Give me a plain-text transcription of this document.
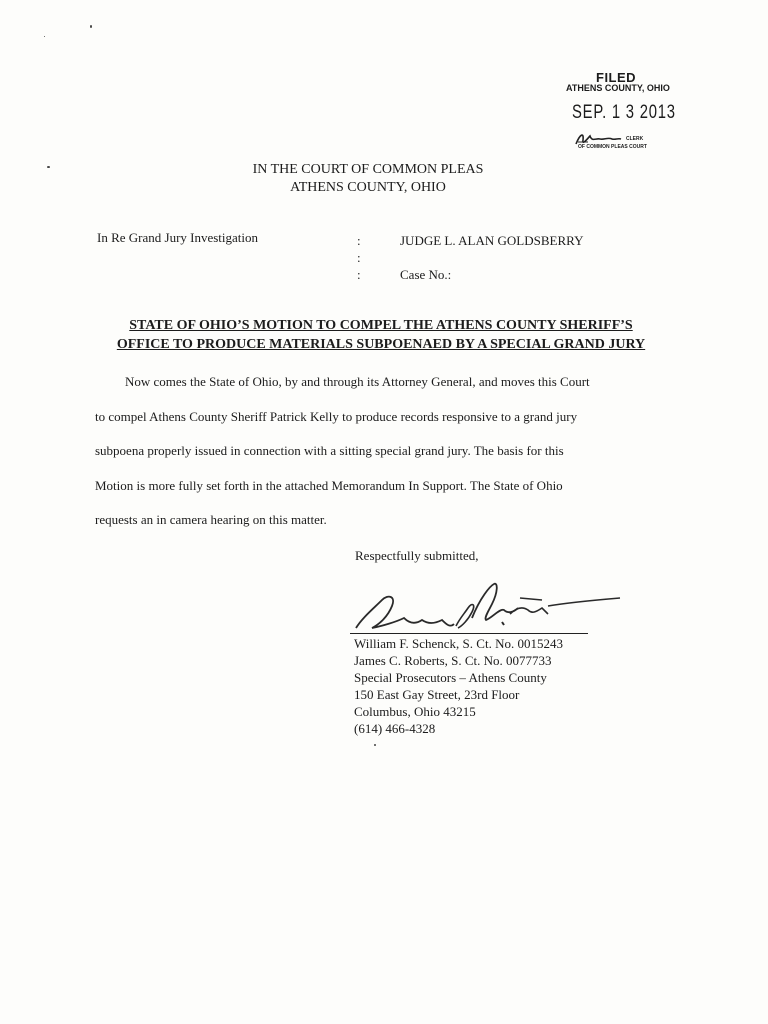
FILED
ATHENS COUNTY, OHIO
SEP. 1 3 2013
CLERK
OF COMMON PLEAS COURT
IN THE COURT OF COMMON PLEAS
ATHENS COUNTY, OHIO
In Re Grand Jury Investigation	:
:
:
JUDGE L. ALAN GOLDSBERRY
Case No.:
STATE OF OHIO’S MOTION TO COMPEL THE ATHENS COUNTY SHERIFF’S
OFFICE TO PRODUCE MATERIALS SUBPOENAED BY A SPECIAL GRAND JURY
Now comes the State of Ohio, by and through its Attorney General, and moves this Court
to compel Athens County Sheriff Patrick Kelly to produce records responsive to a grand jury
subpoena properly issued in connection with a sitting special grand jury. The basis for this
Motion is more fully set forth in the attached Memorandum In Support. The State of Ohio
requests an in camera hearing on this matter.
Respectfully submitted,
William F. Schenck, S. Ct. No. 0015243
James C. Roberts, S. Ct. No. 0077733
Special Prosecutors – Athens County
150 East Gay Street, 23rd Floor
Columbus, Ohio 43215
(614) 466-4328
